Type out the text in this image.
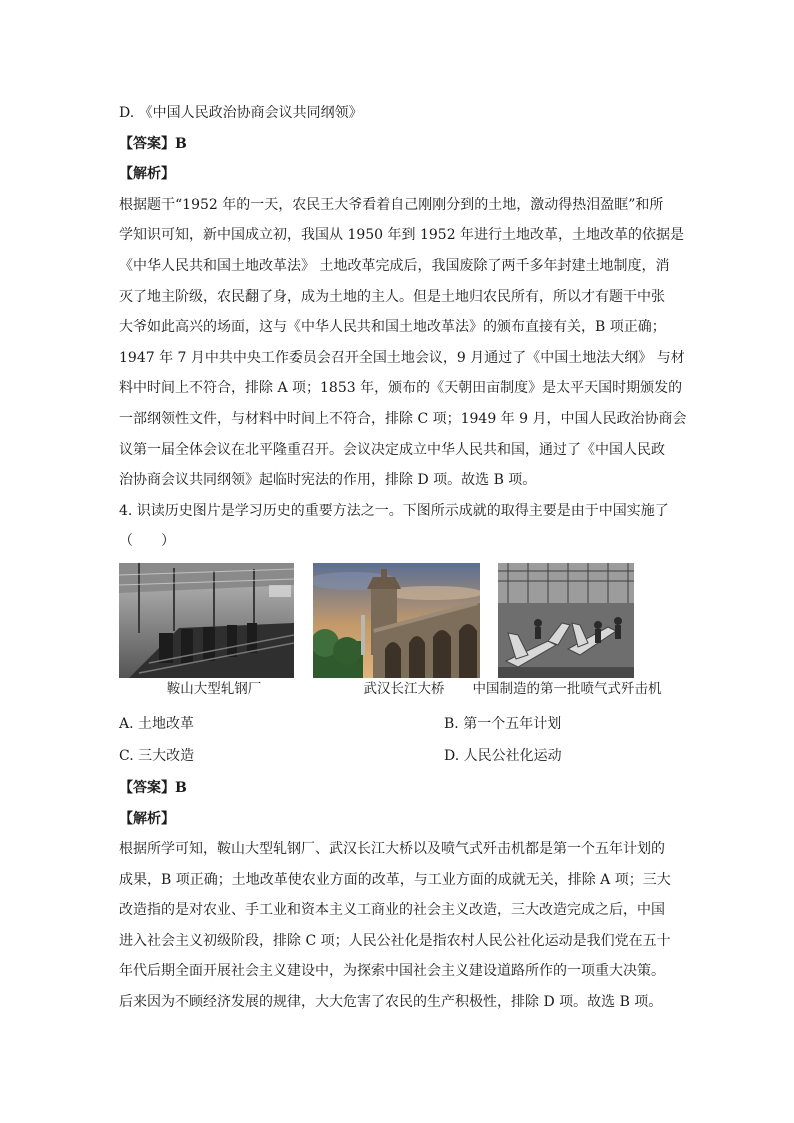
D. 《中国人民政治协商会议共同纲领》

【答案】B

【解析】

根据题干“1952 年的一天，农民王大爷看着自己刚刚分到的土地，激动得热泪盈眶”和所

学知识可知，新中国成立初，我国从 1950 年到 1952 年进行土地改革，土地改革的依据是

《中华人民共和国土地改革法》 土地改革完成后，我国废除了两千多年封建土地制度，消

灭了地主阶级，农民翻了身，成为土地的主人。但是土地归农民所有，所以才有题干中张

大爷如此高兴的场面，这与《中华人民共和国土地改革法》的颁布直接有关，B 项正确；

1947 年 7 月中共中央工作委员会召开全国土地会议，9 月通过了《中国土地法大纲》 与材

料中时间上不符合，排除 A 项；1853 年，颁布的《天朝田亩制度》是太平天国时期颁发的

一部纲领性文件，与材料中时间上不符合，排除 C 项；1949 年 9 月，中国人民政治协商会

议第一届全体会议在北平隆重召开。会议决定成立中华人民共和国，通过了《中国人民政

治协商会议共同纲领》起临时宪法的作用，排除 D 项。故选 B 项。

4. 识读历史图片是学习历史的重要方法之一。下图所示成就的取得主要是由于中国实施了

（　　）

鞍山大型轧钢厂	武汉长江大桥	中国制造的第一批喷气式歼击机
A. 土地改革	B. 第一个五年计划
C. 三大改造	D. 人民公社化运动

【答案】B

【解析】

根据所学可知，鞍山大型轧钢厂、武汉长江大桥以及喷气式歼击机都是第一个五年计划的

成果，B 项正确；土地改革使农业方面的改革，与工业方面的成就无关，排除 A 项；三大

改造指的是对农业、手工业和资本主义工商业的社会主义改造，三大改造完成之后，中国

进入社会主义初级阶段，排除 C 项；人民公社化是指农村人民公社化运动是我们党在五十

年代后期全面开展社会主义建设中，为探索中国社会主义建设道路所作的一项重大决策。

后来因为不顾经济发展的规律，大大危害了农民的生产积极性，排除 D 项。故选 B 项。
